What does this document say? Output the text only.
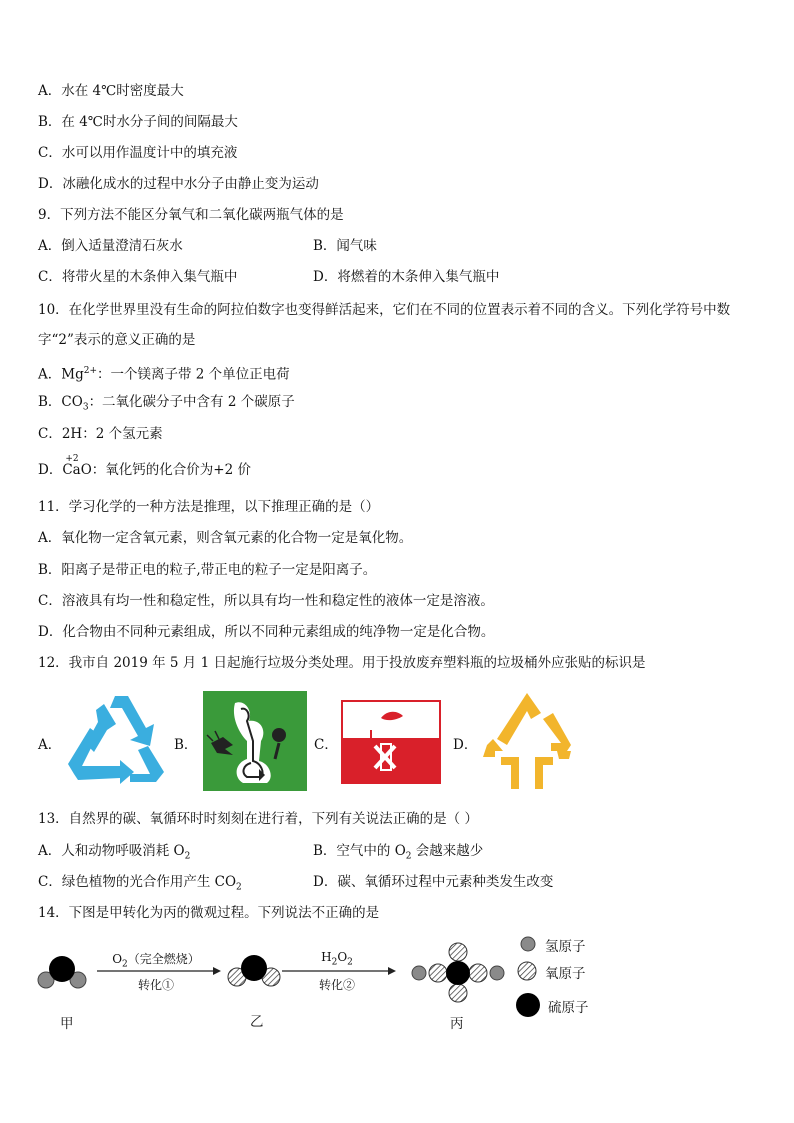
A．水在 4℃时密度最大
B．在 4℃时水分子间的间隔最大
C．水可以用作温度计中的填充液
D．冰融化成水的过程中水分子由静止变为运动
9．下列方法不能区分氧气和二氧化碳两瓶气体的是
A．倒入适量澄清石灰水	B．闻气味
C．将带火星的木条伸入集气瓶中	D．将燃着的木条伸入集气瓶中
10．在化学世界里没有生命的阿拉伯数字也变得鲜活起来，它们在不同的位置表示着不同的含义。下列化学符号中数
字“2”表示的意义正确的是
A．$Mg^{2+}$：一个镁离子带 2 个单位正电荷
B．$CO_3$：二氧化碳分子中含有 2 个碳原子
C．2H：2 个氢元素
D．
+2
CaO：氧化钙的化合价为+2 价
11．学习化学的一种方法是推理，以下推理正确的是（）
A．氧化物一定含氧元素，则含氧元素的化合物一定是氧化物。
B．阳离子是带正电的粒子,带正电的粒子一定是阳离子。
C．溶液具有均一性和稳定性，所以具有均一性和稳定性的液体一定是溶液。
D．化合物由不同种元素组成，所以不同种元素组成的纯净物一定是化合物。
12．我市自 2019 年 5 月 1 日起施行垃圾分类处理。用于投放废弃塑料瓶的垃圾桶外应张贴的标识是
A．	B．	C．	D．
13．自然界的碳、氧循环时时刻刻在进行着，下列有关说法正确的是（ ）
A．人和动物呼吸消耗 $O_2$	B．空气中的 $O_2$ 会越来越少
C．绿色植物的光合作用产生 $CO_2$	D．碳、氧循环过程中元素种类发生改变
14．下图是甲转化为丙的微观过程。下列说法不正确的是
$O_2$（完全燃烧）
转化①
$H_2O_2$
转化②
甲	乙	丙
氢原子
氧原子
硫原子
